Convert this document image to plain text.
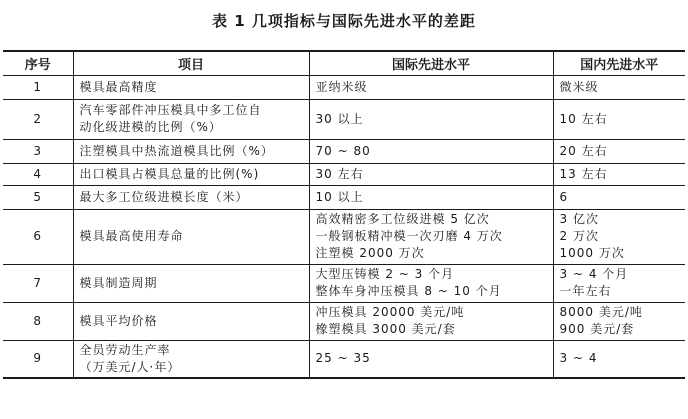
表 1 几项指标与国际先进水平的差距
序号	项目	国际先进水平	国内先进水平
1	模具最高精度	亚纳米级	微米级

2	汽车零部件冲压模具中多工位自
动化级进模的比例（%）	30 以上	10 左右

3	注塑模具中热流道模具比例（%）	70 ~ 80	20 左右

4	出口模具占模具总量的比例(%)	30 左右	13 左右

5	最大多工位级进模长度（米）	10 以上	6

6	模具最高使用寿命	高效精密多工位级进模 5 亿次
一般钢板精冲模一次刃磨 4 万次
注塑模 2000 万次	3 亿次
2 万次
1000 万次

7	模具制造周期	大型压铸模 2 ~ 3 个月
整体车身冲压模具 8 ~ 10 个月	3 ~ 4 个月
一年左右

8	模具平均价格	冲压模具 20000 美元/吨
橡塑模具 3000 美元/套	8000 美元/吨
900 美元/套

9	全员劳动生产率
（万美元/人·年）	25 ~ 35	3 ~ 4
